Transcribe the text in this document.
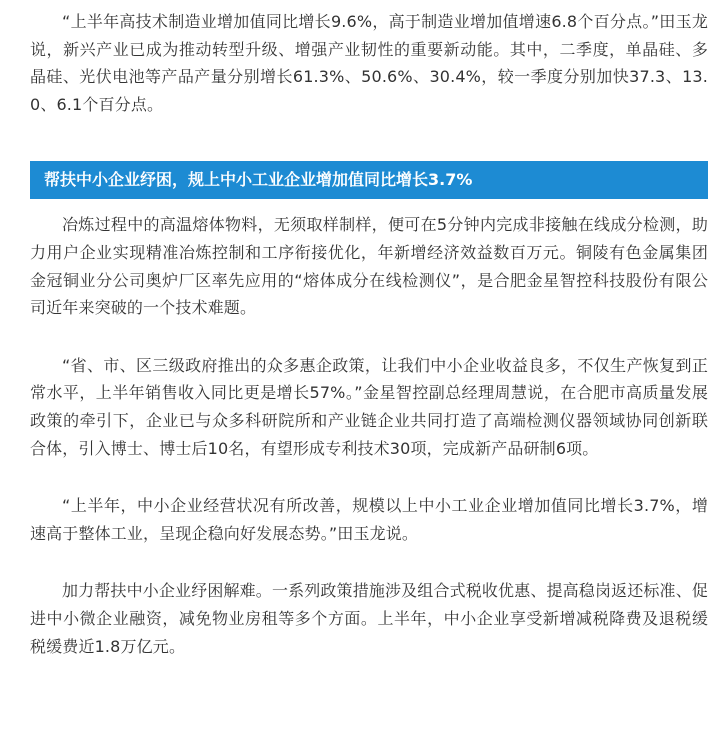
“上半年高技术制造业增加值同比增长9.6%，高于制造业增加值增速6.8个百分点。”田玉龙说，新兴产业已成为推动转型升级、增强产业韧性的重要新动能。其中，二季度，单晶硅、多晶硅、光伏电池等产品产量分别增长61.3%、50.6%、30.4%，较一季度分别加快37.3、13.0、6.1个百分点。

帮扶中小企业纾困，规上中小工业企业增加值同比增长3.7%

冶炼过程中的高温熔体物料，无须取样制样，便可在5分钟内完成非接触在线成分检测，助力用户企业实现精准冶炼控制和工序衔接优化，年新增经济效益数百万元。铜陵有色金属集团金冠铜业分公司奥炉厂区率先应用的“熔体成分在线检测仪”，是合肥金星智控科技股份有限公司近年来突破的一个技术难题。

“省、市、区三级政府推出的众多惠企政策，让我们中小企业收益良多，不仅生产恢复到正常水平，上半年销售收入同比更是增长57%。”金星智控副总经理周慧说，在合肥市高质量发展政策的牵引下，企业已与众多科研院所和产业链企业共同打造了高端检测仪器领域协同创新联合体，引入博士、博士后10名，有望形成专利技术30项，完成新产品研制6项。

“上半年，中小企业经营状况有所改善，规模以上中小工业企业增加值同比增长3.7%，增速高于整体工业，呈现企稳向好发展态势。”田玉龙说。

加力帮扶中小企业纾困解难。一系列政策措施涉及组合式税收优惠、提高稳岗返还标准、促进中小微企业融资，减免物业房租等多个方面。上半年，中小企业享受新增减税降费及退税缓税缓费近1.8万亿元。
